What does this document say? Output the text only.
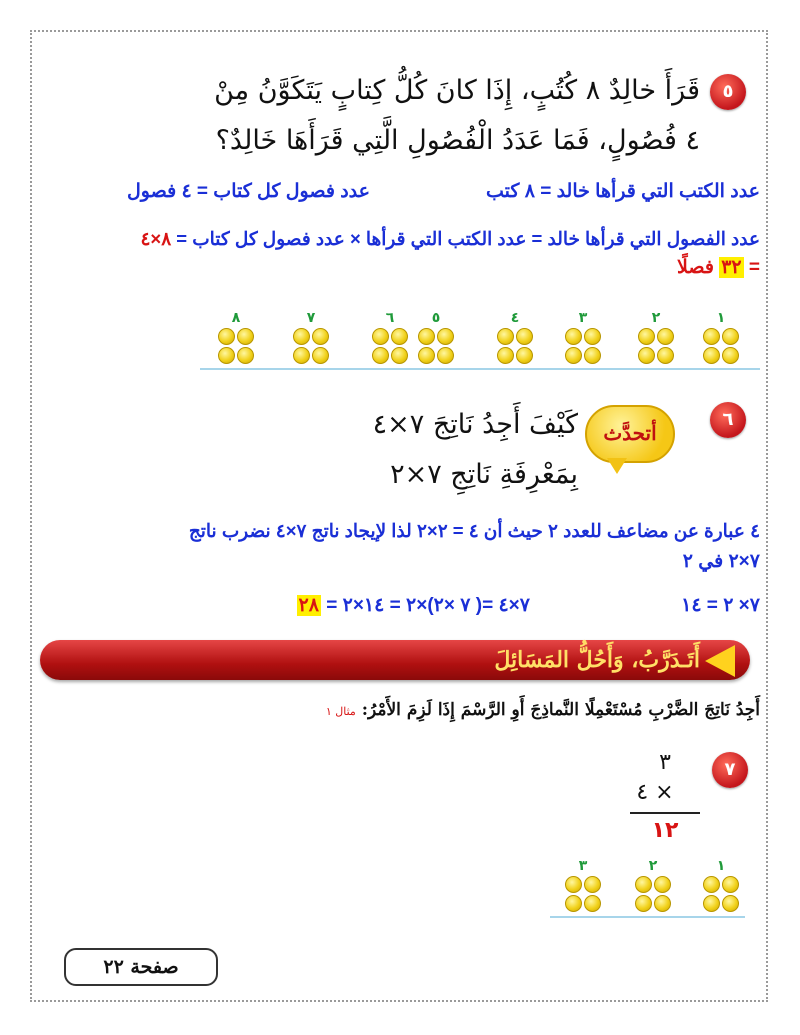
٥
قَرَأَ خالِدٌ ٨ كُتُبٍ، إِذَا كانَ كُلُّ كِتابٍ يَتَكَوَّنُ مِنْ
٤ فُصُولٍ، فَمَا عَدَدُ الْفُصُولِ الَّتِي قَرَأَهَا خَالِدٌ؟
عدد الكتب التي قرأها خالد = ٨ كتب
عدد فصول كل كتاب = ٤ فصول
عدد الفصول التي قرأها خالد = عدد الكتب التي قرأها × عدد فصول كل كتاب = ٨×٤
= ٣٢ فصلًا
١
٢
٣
٤
٥
٦
٧
٨
٦
أتحدَّث
كَيْفَ أَجِدُ نَاتِجَ ٧×٤
بِمَعْرِفَةِ نَاتِجِ ٧×٢
٤ عبارة عن مضاعف للعدد ٢ حيث أن ٤ = ٢×٢ لذا لإيجاد ناتج ٧×٤ نضرب ناتج
٧×٢ في ٢
٧× ٢ = ١٤
٧×٤ =( ٧ ×٢)×٢ = ١٤×٢ = ٢٨
أَتَـدَرَّبُ، وَأَحُلُّ المَسَائِلَ
أَجِدُ نَاتِجَ الضَّرْبِ مُسْتَعْمِلًا النَّماذِجَ أَوِ الرَّسْمَ إِذَا لَزِمَ الأَمْرُ: مثال ١
٧
٣
٤ ×
١٢
١
٢
٣
صفحة ٢٢
